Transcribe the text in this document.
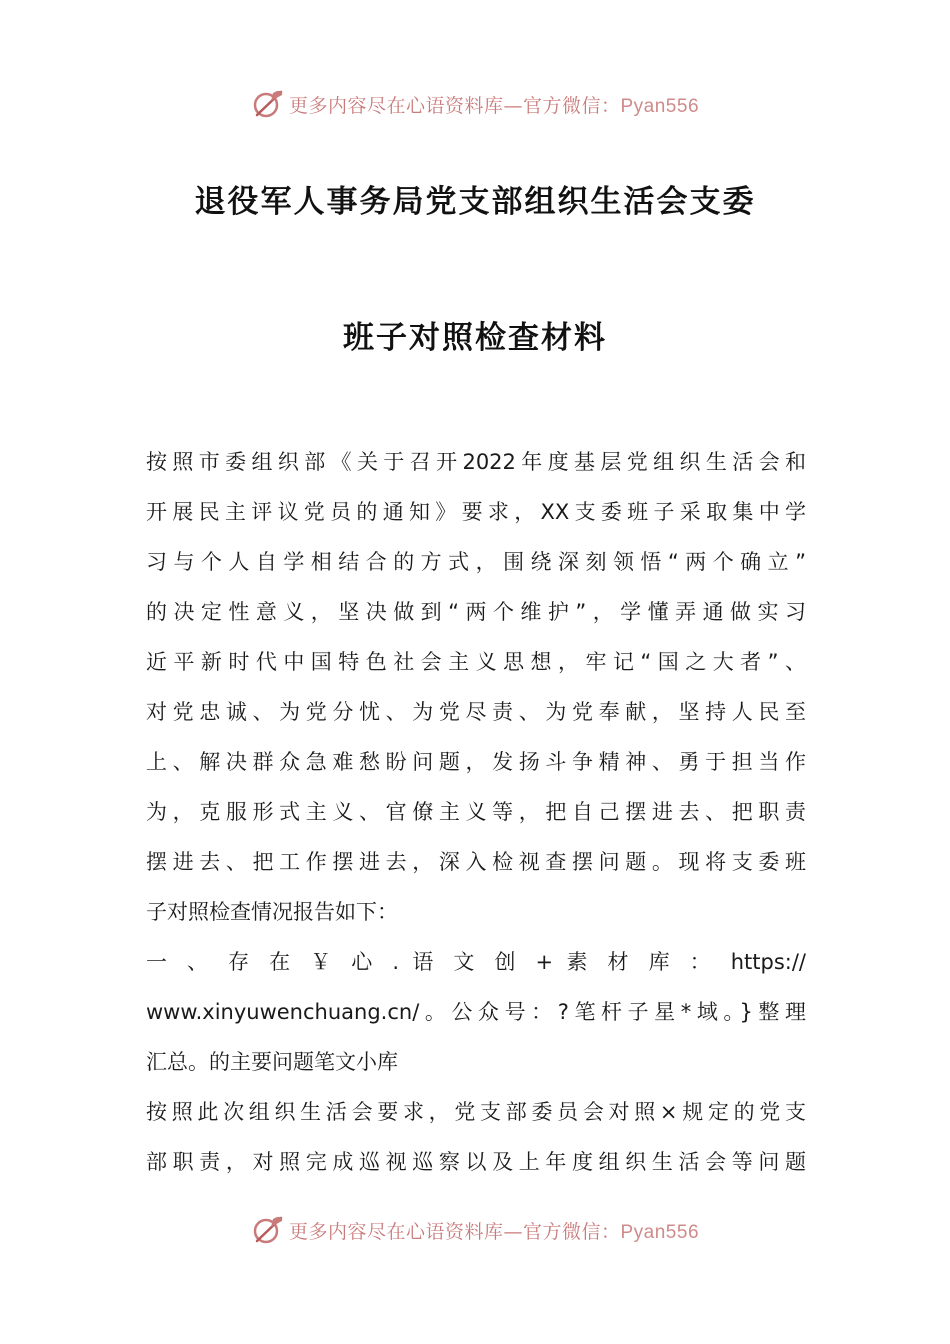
更多内容尽在心语资料库—官方微信：Pyan556
退役军人事务局党支部组织生活会支委
班子对照检查材料
按照市委组织部《关于召开2022年度基层党组织生活会和
开展民主评议党员的通知》要求，XX支委班子采取集中学
习与个人自学相结合的方式，围绕深刻领悟“两个确立”
的决定性意义，坚决做到“两个维护”，学懂弄通做实习
近平新时代中国特色社会主义思想，牢记“国之大者”、
对党忠诚、为党分忧、为党尽责、为党奉献，坚持人民至
上、解决群众急难愁盼问题，发扬斗争精神、勇于担当作
为，克服形式主义、官僚主义等，把自己摆进去、把职责
摆进去、把工作摆进去，深入检视查摆问题。现将支委班
子对照检查情况报告如下：
一 、 存 在 ￥ 心 . 语 文 创 + 素 材 库 ： https://
www.xinyuwenchuang.cn/。公众号：?笔杆子星*域。}整理
汇总。的主要问题笔文小库
按照此次组织生活会要求，党支部委员会对照×规定的党支
部职责，对照完成巡视巡察以及上年度组织生活会等问题
更多内容尽在心语资料库—官方微信：Pyan556
